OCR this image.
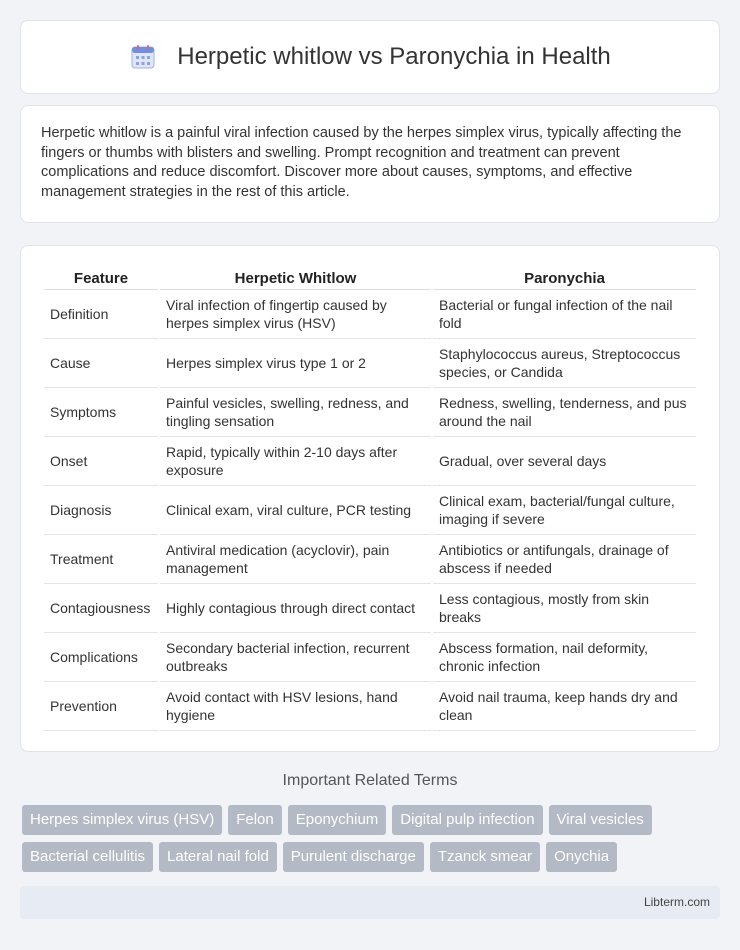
Herpetic whitlow vs Paronychia in Health

Herpetic whitlow is a painful viral infection caused by the herpes simplex virus, typically affecting the fingers or thumbs with blisters and swelling. Prompt recognition and treatment can prevent complications and reduce discomfort. Discover more about causes, symptoms, and effective management strategies in the rest of this article.

Feature	Herpetic Whitlow	Paronychia
Definition	Viral infection of fingertip caused by herpes simplex virus (HSV)	Bacterial or fungal infection of the nail fold
Cause	Herpes simplex virus type 1 or 2	Staphylococcus aureus, Streptococcus species, or Candida
Symptoms	Painful vesicles, swelling, redness, and tingling sensation	Redness, swelling, tenderness, and pus around the nail
Onset	Rapid, typically within 2-10 days after exposure	Gradual, over several days
Diagnosis	Clinical exam, viral culture, PCR testing	Clinical exam, bacterial/fungal culture, imaging if severe
Treatment	Antiviral medication (acyclovir), pain management	Antibiotics or antifungals, drainage of abscess if needed
Contagiousness	Highly contagious through direct contact	Less contagious, mostly from skin breaks
Complications	Secondary bacterial infection, recurrent outbreaks	Abscess formation, nail deformity, chronic infection
Prevention	Avoid contact with HSV lesions, hand hygiene	Avoid nail trauma, keep hands dry and clean
Important Related Terms
Herpes simplex virus (HSV)	Felon	Eponychium	Digital pulp infection	Viral vesicles
Bacterial cellulitis	Lateral nail fold	Purulent discharge	Tzanck smear	Onychia
Libterm.com
